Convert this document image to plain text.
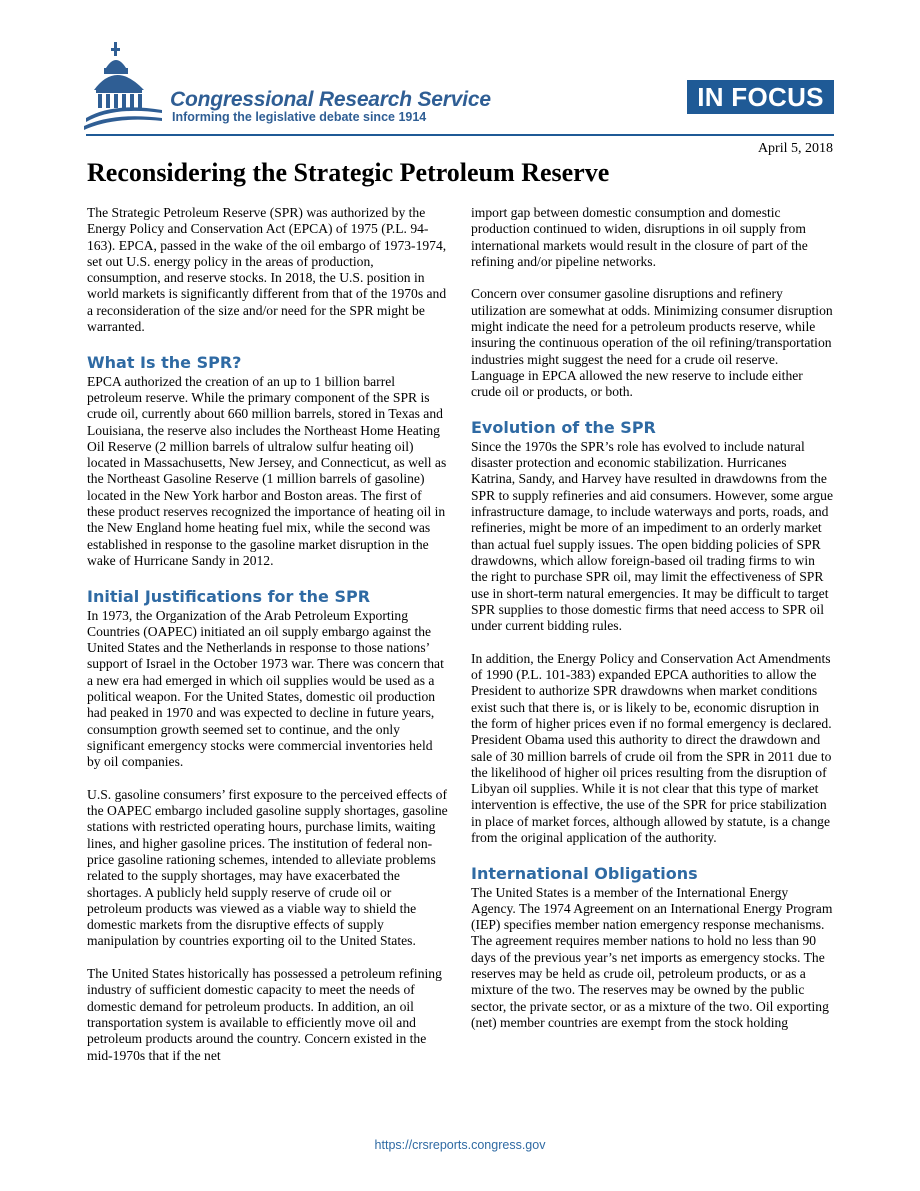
Congressional Research Service
Informing the legislative debate since 1914
IN FOCUS
April 5, 2018
Reconsidering the Strategic Petroleum Reserve

The Strategic Petroleum Reserve (SPR) was authorized by the Energy Policy and Conservation Act (EPCA) of 1975 (P.L. 94-163). EPCA, passed in the wake of the oil embargo of 1973-1974, set out U.S. energy policy in the areas of production, consumption, and reserve stocks. In 2018, the U.S. position in world markets is significantly different from that of the 1970s and a reconsideration of the size and/or need for the SPR might be warranted.

What Is the SPR?

EPCA authorized the creation of an up to 1 billion barrel petroleum reserve. While the primary component of the SPR is crude oil, currently about 660 million barrels, stored in Texas and Louisiana, the reserve also includes the Northeast Home Heating Oil Reserve (2 million barrels of ultralow sulfur heating oil) located in Massachusetts, New Jersey, and Connecticut, as well as the Northeast Gasoline Reserve (1 million barrels of gasoline) located in the New York harbor and Boston areas. The first of these product reserves recognized the importance of heating oil in the New England home heating fuel mix, while the second was established in response to the gasoline market disruption in the wake of Hurricane Sandy in 2012.

Initial Justifications for the SPR

In 1973, the Organization of the Arab Petroleum Exporting Countries (OAPEC) initiated an oil supply embargo against the United States and the Netherlands in response to those nations’ support of Israel in the October 1973 war. There was concern that a new era had emerged in which oil supplies would be used as a political weapon. For the United States, domestic oil production had peaked in 1970 and was expected to decline in future years, consumption growth seemed set to continue, and the only significant emergency stocks were commercial inventories held by oil companies.

U.S. gasoline consumers’ first exposure to the perceived effects of the OAPEC embargo included gasoline supply shortages, gasoline stations with restricted operating hours, purchase limits, waiting lines, and higher gasoline prices. The institution of federal non-price gasoline rationing schemes, intended to alleviate problems related to the supply shortages, may have exacerbated the shortages. A publicly held supply reserve of crude oil or petroleum products was viewed as a viable way to shield the domestic markets from the disruptive effects of supply manipulation by countries exporting oil to the United States.

The United States historically has possessed a petroleum refining industry of sufficient domestic capacity to meet the needs of domestic demand for petroleum products. In addition, an oil transportation system is available to efficiently move oil and petroleum products around the country. Concern existed in the mid-1970s that if the net

import gap between domestic consumption and domestic production continued to widen, disruptions in oil supply from international markets would result in the closure of part of the refining and/or pipeline networks.

Concern over consumer gasoline disruptions and refinery utilization are somewhat at odds. Minimizing consumer disruption might indicate the need for a petroleum products reserve, while insuring the continuous operation of the oil refining/transportation industries might suggest the need for a crude oil reserve. Language in EPCA allowed the new reserve to include either crude oil or products, or both.

Evolution of the SPR

Since the 1970s the SPR’s role has evolved to include natural disaster protection and economic stabilization. Hurricanes Katrina, Sandy, and Harvey have resulted in drawdowns from the SPR to supply refineries and aid consumers. However, some argue infrastructure damage, to include waterways and ports, roads, and refineries, might be more of an impediment to an orderly market than actual fuel supply issues. The open bidding policies of SPR drawdowns, which allow foreign-based oil trading firms to win the right to purchase SPR oil, may limit the effectiveness of SPR use in short-term natural emergencies. It may be difficult to target SPR supplies to those domestic firms that need access to SPR oil under current bidding rules.

In addition, the Energy Policy and Conservation Act Amendments of 1990 (P.L. 101-383) expanded EPCA authorities to allow the President to authorize SPR drawdowns when market conditions exist such that there is, or is likely to be, economic disruption in the form of higher prices even if no formal emergency is declared. President Obama used this authority to direct the drawdown and sale of 30 million barrels of crude oil from the SPR in 2011 due to the likelihood of higher oil prices resulting from the disruption of Libyan oil supplies. While it is not clear that this type of market intervention is effective, the use of the SPR for price stabilization in place of market forces, although allowed by statute, is a change from the original application of the authority.

International Obligations

The United States is a member of the International Energy Agency. The 1974 Agreement on an International Energy Program (IEP) specifies member nation emergency response mechanisms. The agreement requires member nations to hold no less than 90 days of the previous year’s net imports as emergency stocks. The reserves may be held as crude oil, petroleum products, or as a mixture of the two. The reserves may be owned by the public sector, the private sector, or as a mixture of the two. Oil exporting (net) member countries are exempt from the stock holding

https://crsreports.congress.gov
